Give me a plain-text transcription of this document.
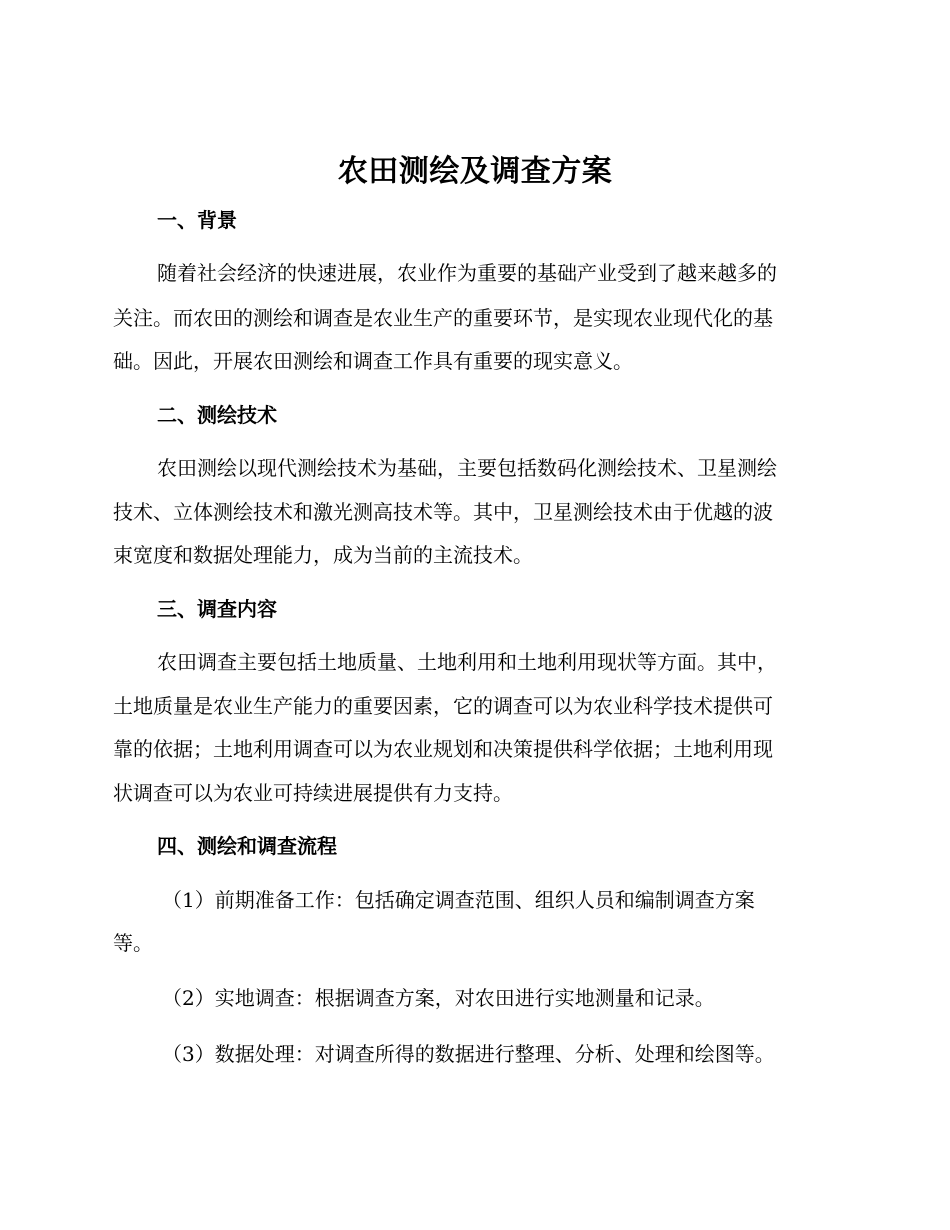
农田测绘及调查方案
一、背景

随着社会经济的快速进展，农业作为重要的基础产业受到了越来越多的

关注。而农田的测绘和调查是农业生产的重要环节，是实现农业现代化的基

础。因此，开展农田测绘和调查工作具有重要的现实意义。

二、测绘技术

农田测绘以现代测绘技术为基础，主要包括数码化测绘技术、卫星测绘

技术、立体测绘技术和激光测高技术等。其中，卫星测绘技术由于优越的波

束宽度和数据处理能力，成为当前的主流技术。

三、调查内容

农田调查主要包括土地质量、土地利用和土地利用现状等方面。其中，

土地质量是农业生产能力的重要因素，它的调查可以为农业科学技术提供可

靠的依据；土地利用调查可以为农业规划和决策提供科学依据；土地利用现

状调查可以为农业可持续进展提供有力支持。

四、测绘和调查流程

（1）前期准备工作：包括确定调查范围、组织人员和编制调查方案

等。

（2）实地调查：根据调查方案，对农田进行实地测量和记录。

（3）数据处理：对调查所得的数据进行整理、分析、处理和绘图等。
